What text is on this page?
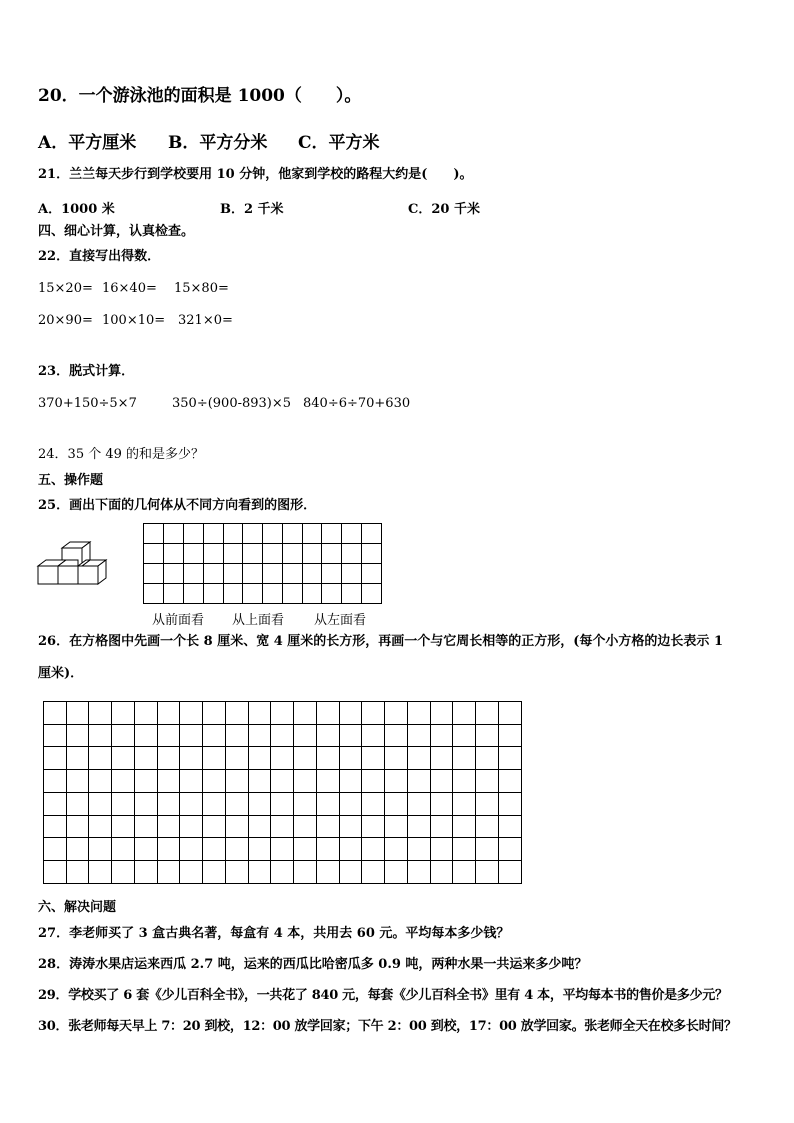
20．一个游泳池的面积是 1000（　　）。
A．平方厘米 B．平方分米 C．平方米
21．兰兰每天步行到学校要用 10 分钟，他家到学校的路程大约是(　　)。
A．1000 米	B．2 千米	C．20 千米
四、细心计算，认真检查。
22．直接写出得数．
15×20= 16×40= 15×80=
20×90= 100×10= 321×0=
23．脱式计算．
370+150÷5×7	350÷(900-893)×5 840÷6÷70+630
24．35 个 49 的和是多少？
五、操作题
25．画出下面的几何体从不同方向看到的图形．
从前面看 从上面看 从左面看
26．在方格图中先画一个长 8 厘米、宽 4 厘米的长方形，再画一个与它周长相等的正方形，(每个小方格的边长表示 1
厘米)．
六、解决问题
27．李老师买了 3 盒古典名著，每盒有 4 本，共用去 60 元。平均每本多少钱？
28．涛涛水果店运来西瓜 2.7 吨，运来的西瓜比哈密瓜多 0.9 吨，两种水果一共运来多少吨？
29．学校买了 6 套《少儿百科全书》，一共花了 840 元，每套《少儿百科全书》里有 4 本，平均每本书的售价是多少元？
30．张老师每天早上 7：20 到校，12：00 放学回家；下午 2：00 到校，17：00 放学回家。张老师全天在校多长时间？
